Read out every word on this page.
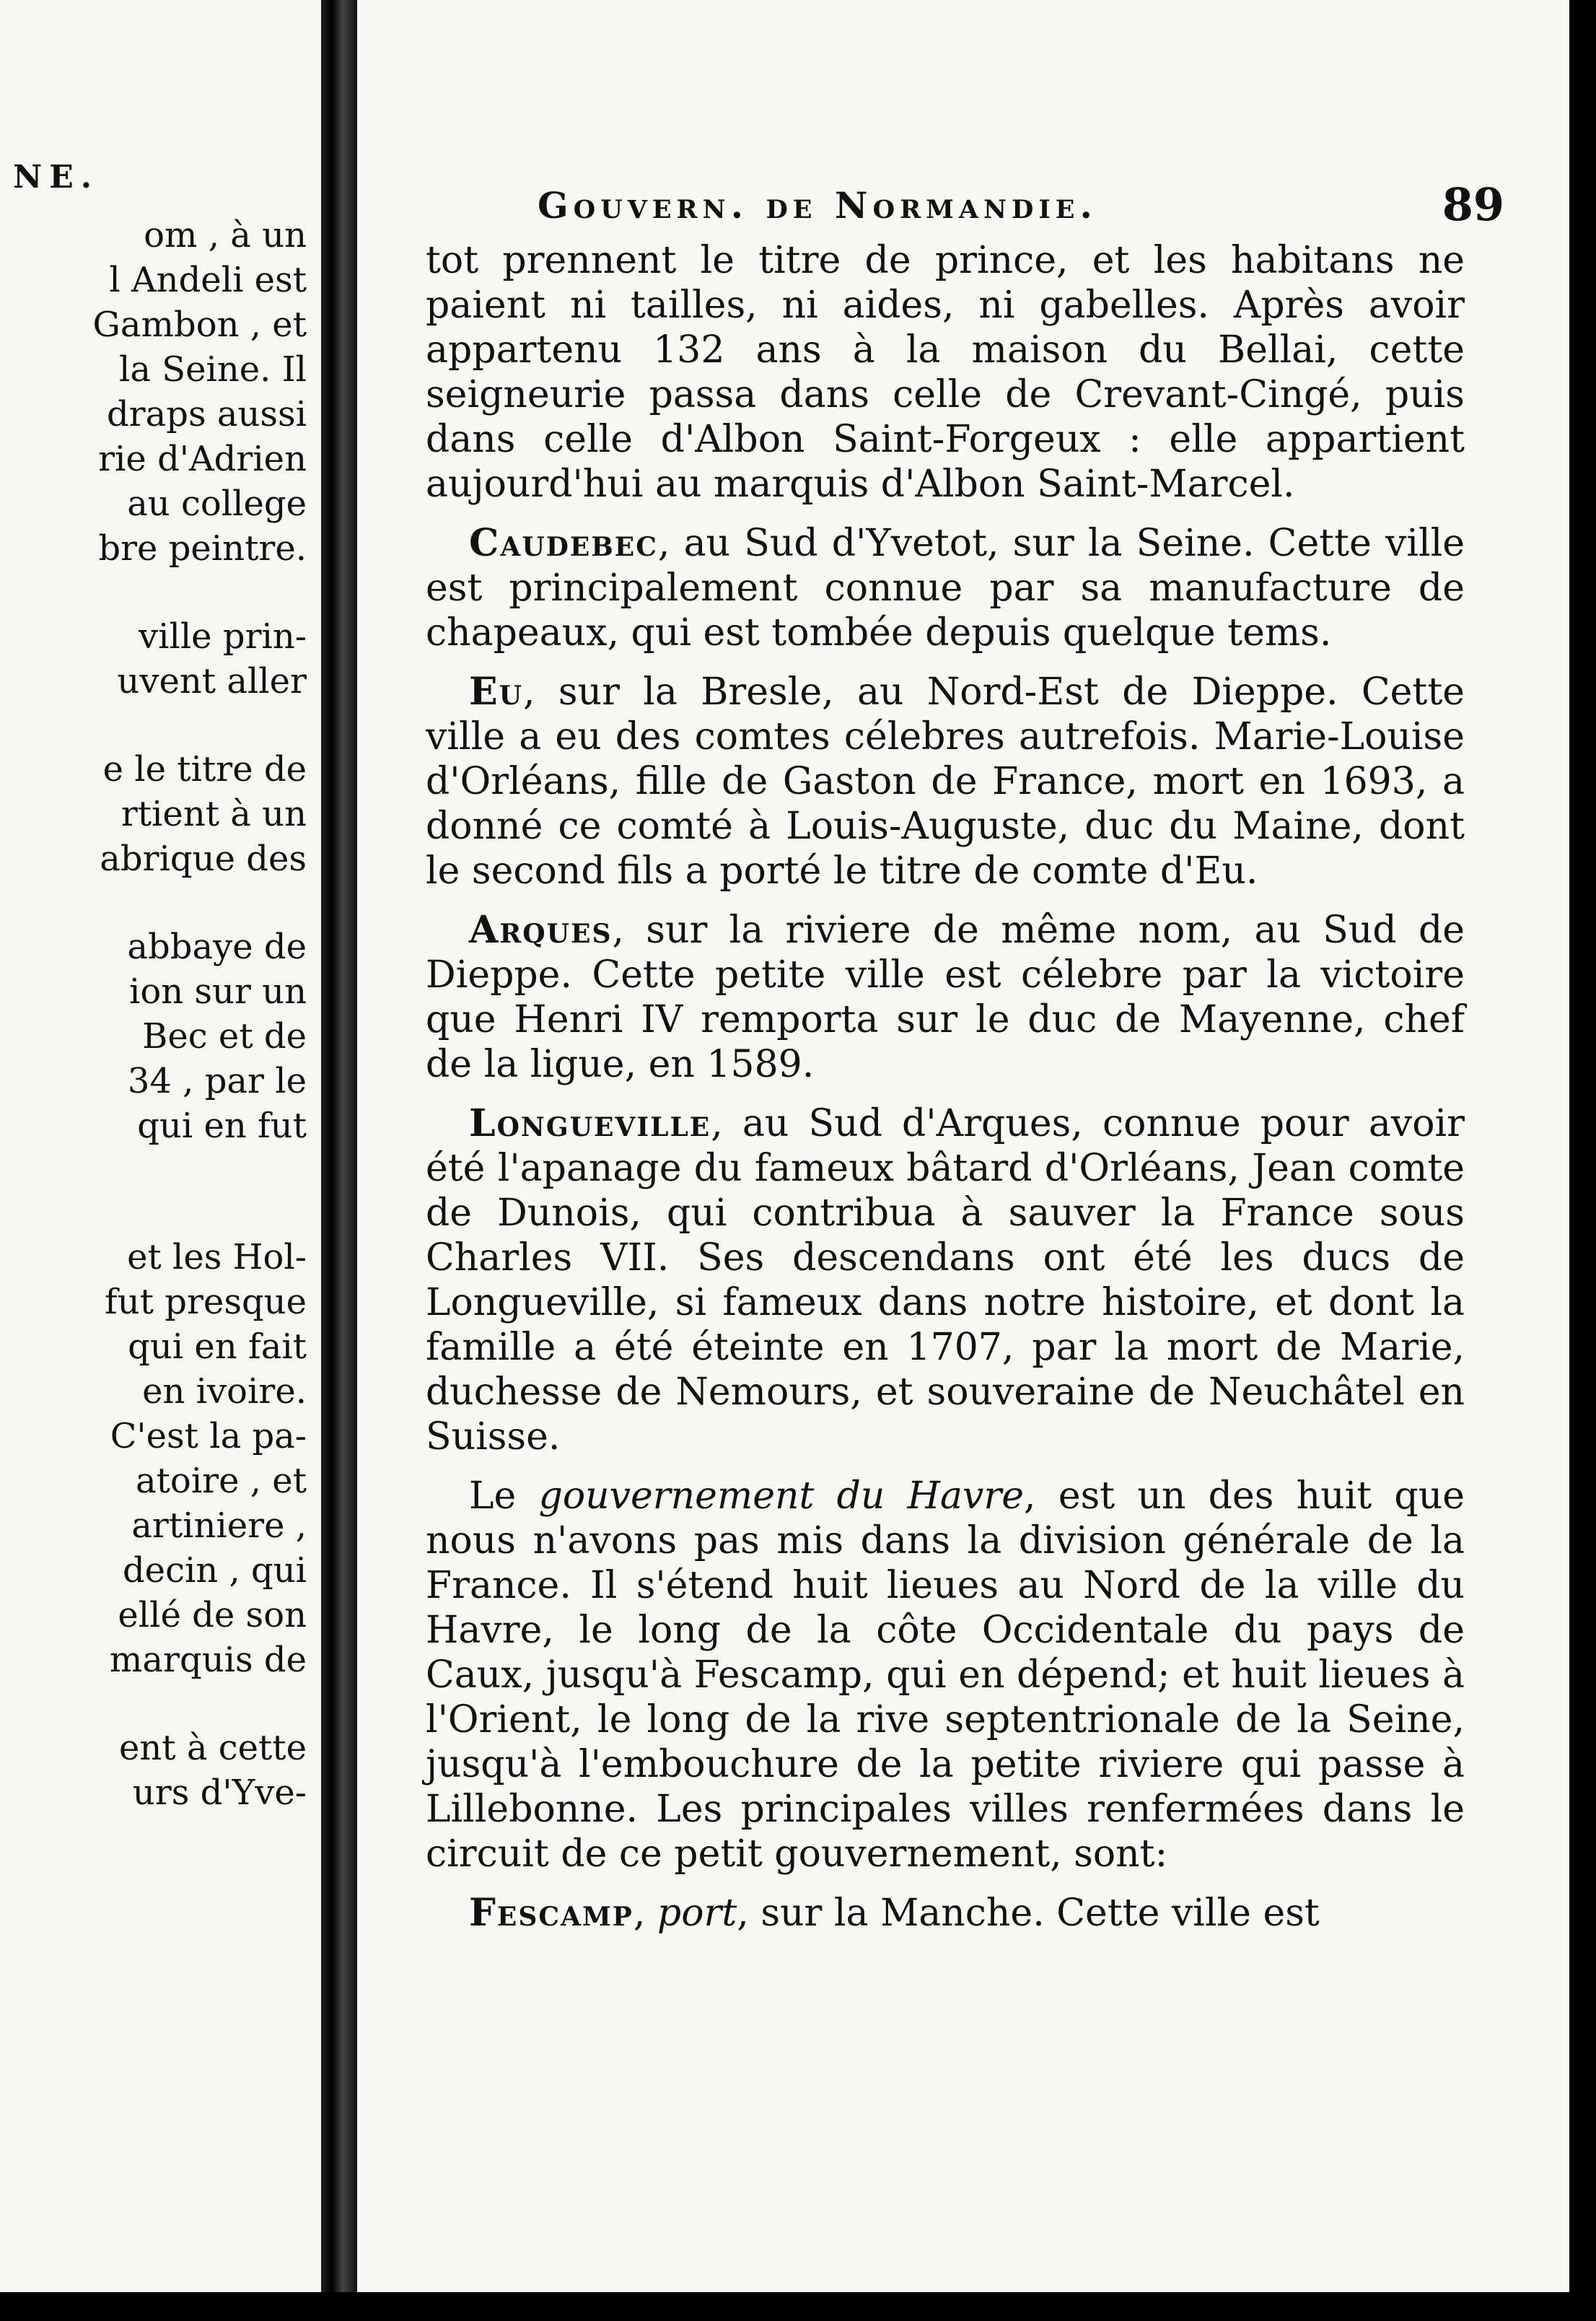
NE.
om , à un
l Andeli est
Gambon , et
la Seine. Il
draps aussi
rie d'Adrien
au college
bre peintre.
ville prin-
uvent aller
e le titre de
rtient à un
abrique des
abbaye de
ion sur un
Bec et de
34 , par le
qui en fut
et les Hol-
fut presque
qui en fait
en ivoire.
C'est la pa-
atoire , et
artiniere ,
decin , qui
ellé de son
marquis de
ent à cette
urs d'Yve-
Gouvern. de Normandie.	89

tot prennent le titre de prince, et les habitans ne paient ni tailles, ni aides, ni gabelles. Après avoir appartenu 132 ans à la maison du Bellai, cette seigneurie passa dans celle de Crevant-Cingé, puis dans celle d'Albon Saint-Forgeux : elle appartient aujourd'hui au marquis d'Albon Saint-Marcel.

Caudebec, au Sud d'Yvetot, sur la Seine. Cette ville est principalement connue par sa manufacture de chapeaux, qui est tombée depuis quelque tems.

Eu, sur la Bresle, au Nord-Est de Dieppe. Cette ville a eu des comtes célebres autrefois. Marie-Louise d'Orléans, fille de Gaston de France, mort en 1693, a donné ce comté à Louis-Auguste, duc du Maine, dont le second fils a porté le titre de comte d'Eu.

Arques, sur la riviere de même nom, au Sud de Dieppe. Cette petite ville est célebre par la victoire que Henri IV remporta sur le duc de Mayenne, chef de la ligue, en 1589.

Longueville, au Sud d'Arques, connue pour avoir été l'apanage du fameux bâtard d'Orléans, Jean comte de Dunois, qui contribua à sauver la France sous Charles VII. Ses descendans ont été les ducs de Longueville, si fameux dans notre histoire, et dont la famille a été éteinte en 1707, par la mort de Marie, duchesse de Nemours, et souveraine de Neuchâtel en Suisse.

Le gouvernement du Havre, est un des huit que nous n'avons pas mis dans la division générale de la France. Il s'étend huit lieues au Nord de la ville du Havre, le long de la côte Occidentale du pays de Caux, jusqu'à Fescamp, qui en dépend; et huit lieues à l'Orient, le long de la rive septentrionale de la Seine, jusqu'à l'embouchure de la petite riviere qui passe à Lillebonne. Les principales villes renfermées dans le circuit de ce petit gouvernement, sont:

Fescamp, port, sur la Manche. Cette ville est
